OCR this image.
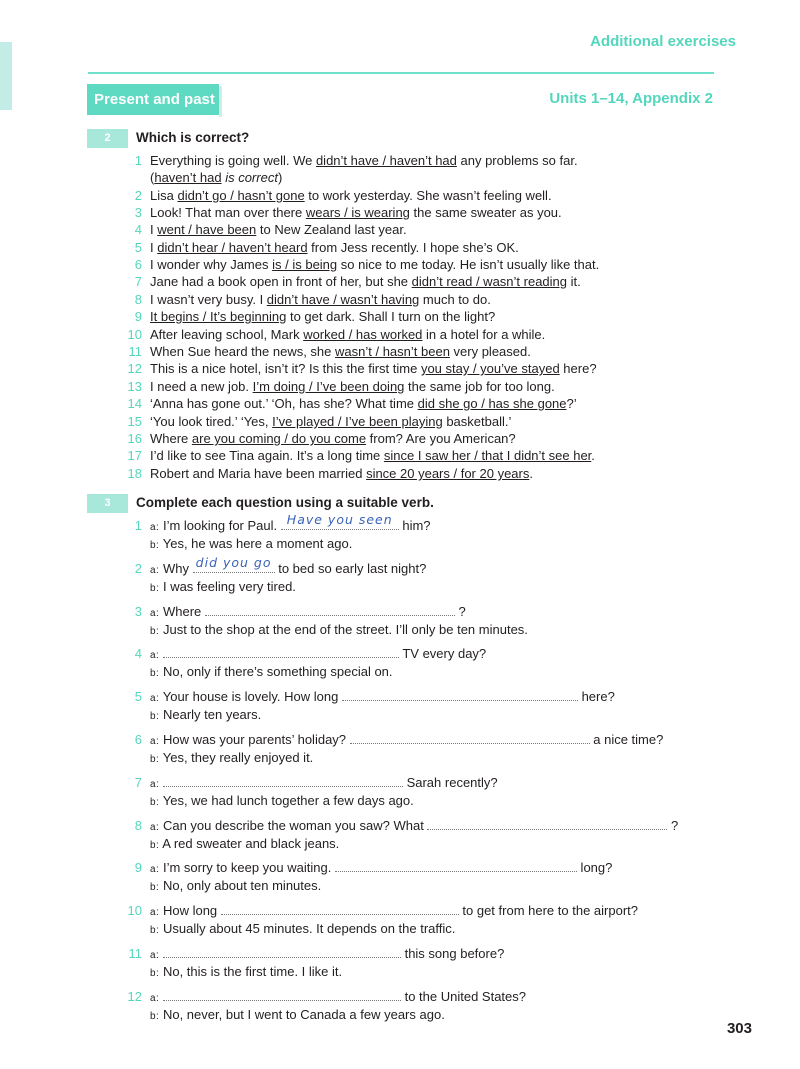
Additional exercises
Present and past	Units 1–14, Appendix 2
2	Which is correct?
1 Everything is going well. We didn’t have / haven’t had any problems so far.
(haven’t had is correct)
2 Lisa didn’t go / hasn’t gone to work yesterday. She wasn’t feeling well.
3 Look! That man over there wears / is wearing the same sweater as you.
4 I went / have been to New Zealand last year.
5 I didn’t hear / haven’t heard from Jess recently. I hope she’s OK.
6 I wonder why James is / is being so nice to me today. He isn’t usually like that.
7 Jane had a book open in front of her, but she didn’t read / wasn’t reading it.
8 I wasn’t very busy. I didn’t have / wasn’t having much to do.
9 It begins / It’s beginning to get dark. Shall I turn on the light?
10 After leaving school, Mark worked / has worked in a hotel for a while.
11 When Sue heard the news, she wasn’t / hasn’t been very pleased.
12 This is a nice hotel, isn’t it? Is this the first time you stay / you’ve stayed here?
13 I need a new job. I’m doing / I’ve been doing the same job for too long.
14 ‘Anna has gone out.’ ‘Oh, has she? What time did she go / has she gone?’
15 ‘You look tired.’ ‘Yes, I’ve played / I’ve been playing basketball.’
16 Where are you coming / do you come from? Are you American?
17 I’d like to see Tina again. It’s a long time since I saw her / that I didn’t see her.
18 Robert and Maria have been married since 20 years / for 20 years.
3	Complete each question using a suitable verb.
1 a: I’m looking for Paul. Have you seen him?
b: Yes, he was here a moment ago.
2 a: Why did you go to bed so early last night?
b: I was feeling very tired.
3 a: Where	?
b: Just to the shop at the end of the street. I’ll only be ten minutes.
4 a:	TV every day?
b: No, only if there’s something special on.
5 a: Your house is lovely. How long	here?
b: Nearly ten years.
6 a: How was your parents’ holiday?	a nice time?
b: Yes, they really enjoyed it.
7 a:	Sarah recently?
b: Yes, we had lunch together a few days ago.
8 a: Can you describe the woman you saw? What	?
b: A red sweater and black jeans.
9 a: I’m sorry to keep you waiting.	long?
b: No, only about ten minutes.
10 a: How long	to get from here to the airport?
b: Usually about 45 minutes. It depends on the traffic.
11 a:	this song before?
b: No, this is the first time. I like it.
12 a:	to the United States?
b: No, never, but I went to Canada a few years ago.
303
